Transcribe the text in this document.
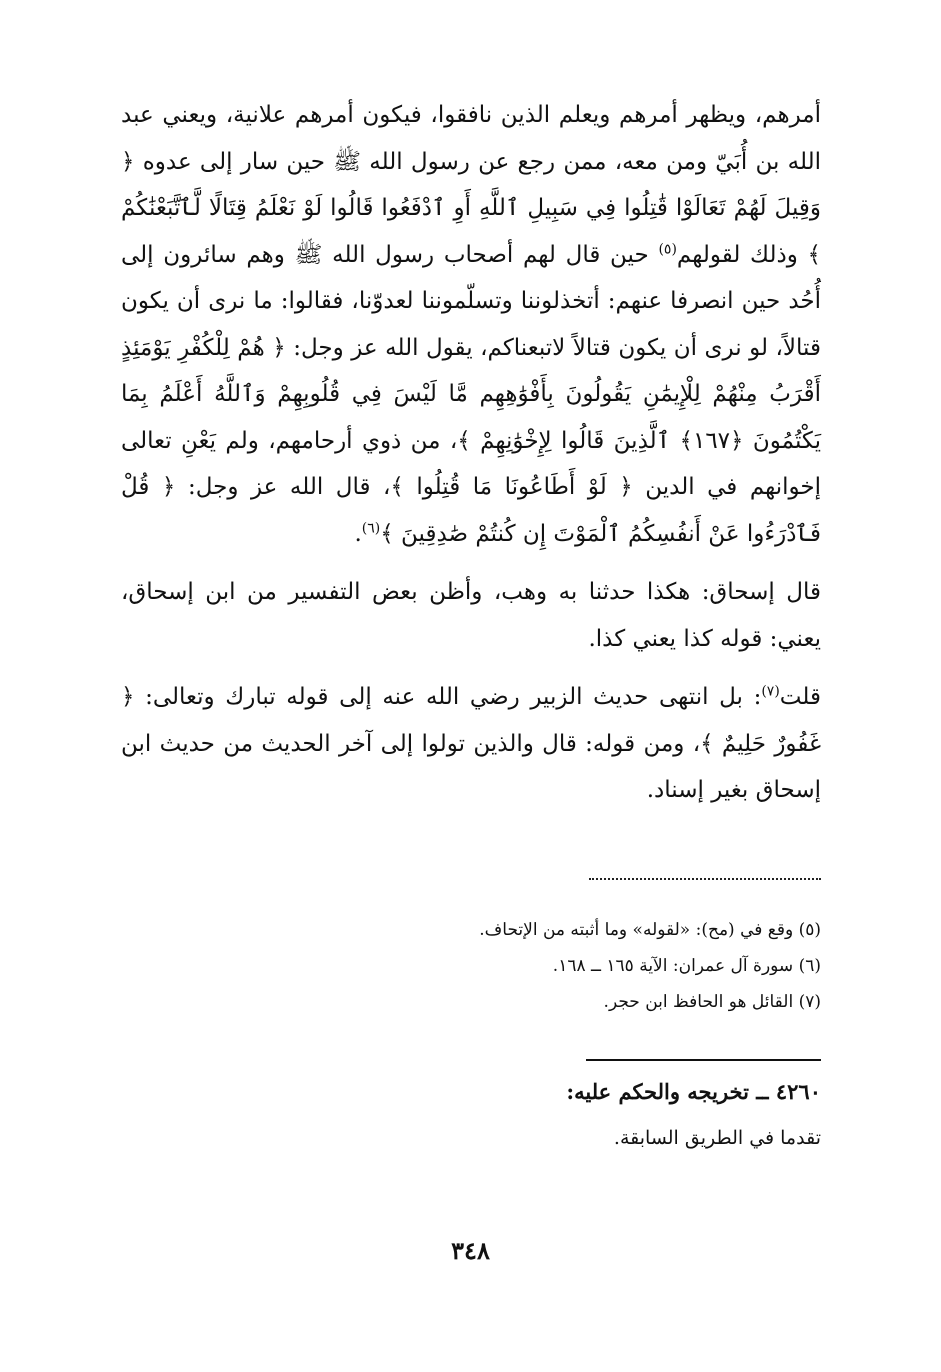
أمرهم، ويظهر أمرهم ويعلم الذين نافقوا، فيكون أمرهم علانية، ويعني عبد الله بن أُبَيّ ومن معه، ممن رجع عن رسول الله ﷺ حين سار إلى عدوه ﴿ وَقِيلَ لَهُمْ تَعَالَوْا قَٰتِلُوا فِي سَبِيلِ ٱللَّهِ أَوِ ٱدْفَعُوا قَالُوا لَوْ نَعْلَمُ قِتَالًا لَّٱتَّبَعْنَٰكُمْ ﴾ وذلك لقولهم$^{(٥)}$ حين قال لهم أصحاب رسول الله ﷺ وهم سائرون إلى أُحُد حين انصرفا عنهم: أتخذلوننا وتسلّموننا لعدوّنا، فقالوا: ما نرى أن يكون قتالاً، لو نرى أن يكون قتالاً لاتبعناكم، يقول الله عز وجل: ﴿ هُمْ لِلْكُفْرِ يَوْمَئِذٍ أَقْرَبُ مِنْهُمْ لِلْإِيمَٰنِ يَقُولُونَ بِأَفْوَٰهِهِم مَّا لَيْسَ فِي قُلُوبِهِمْ وَٱللَّهُ أَعْلَمُ بِمَا يَكْتُمُونَ ﴿١٦٧﴾ ٱلَّذِينَ قَالُوا لِإِخْوَٰنِهِمْ ﴾، من ذوي أرحامهم، ولم يَعْنِ تعالى إخوانهم في الدين ﴿ لَوْ أَطَاعُونَا مَا قُتِلُوا ﴾، قال الله عز وجل: ﴿ قُلْ فَٱدْرَءُوا عَنْ أَنفُسِكُمُ ٱلْمَوْتَ إِن كُنتُمْ صَٰدِقِينَ ﴾$^{(٦)}$.

قال إسحاق: هكذا حدثنا به وهب، وأظن بعض التفسير من ابن إسحاق، يعني: قوله كذا يعني كذا.

قلت$^{(٧)}$: بل انتهى حديث الزبير رضي الله عنه إلى قوله تبارك وتعالى: ﴿ غَفُورٌ حَلِيمٌ ﴾، ومن قوله: قال والذين تولوا إلى آخر الحديث من حديث ابن إسحاق بغير إسناد.

(٥) وقع في (مح): «لقوله» وما أثبته من الإتحاف.
(٦) سورة آل عمران: الآية ١٦٥ ــ ١٦٨.
(٧) القائل هو الحافظ ابن حجر.
٤٢٦٠ ــ تخريجه والحكم عليه:
تقدما في الطريق السابقة.
٣٤٨
